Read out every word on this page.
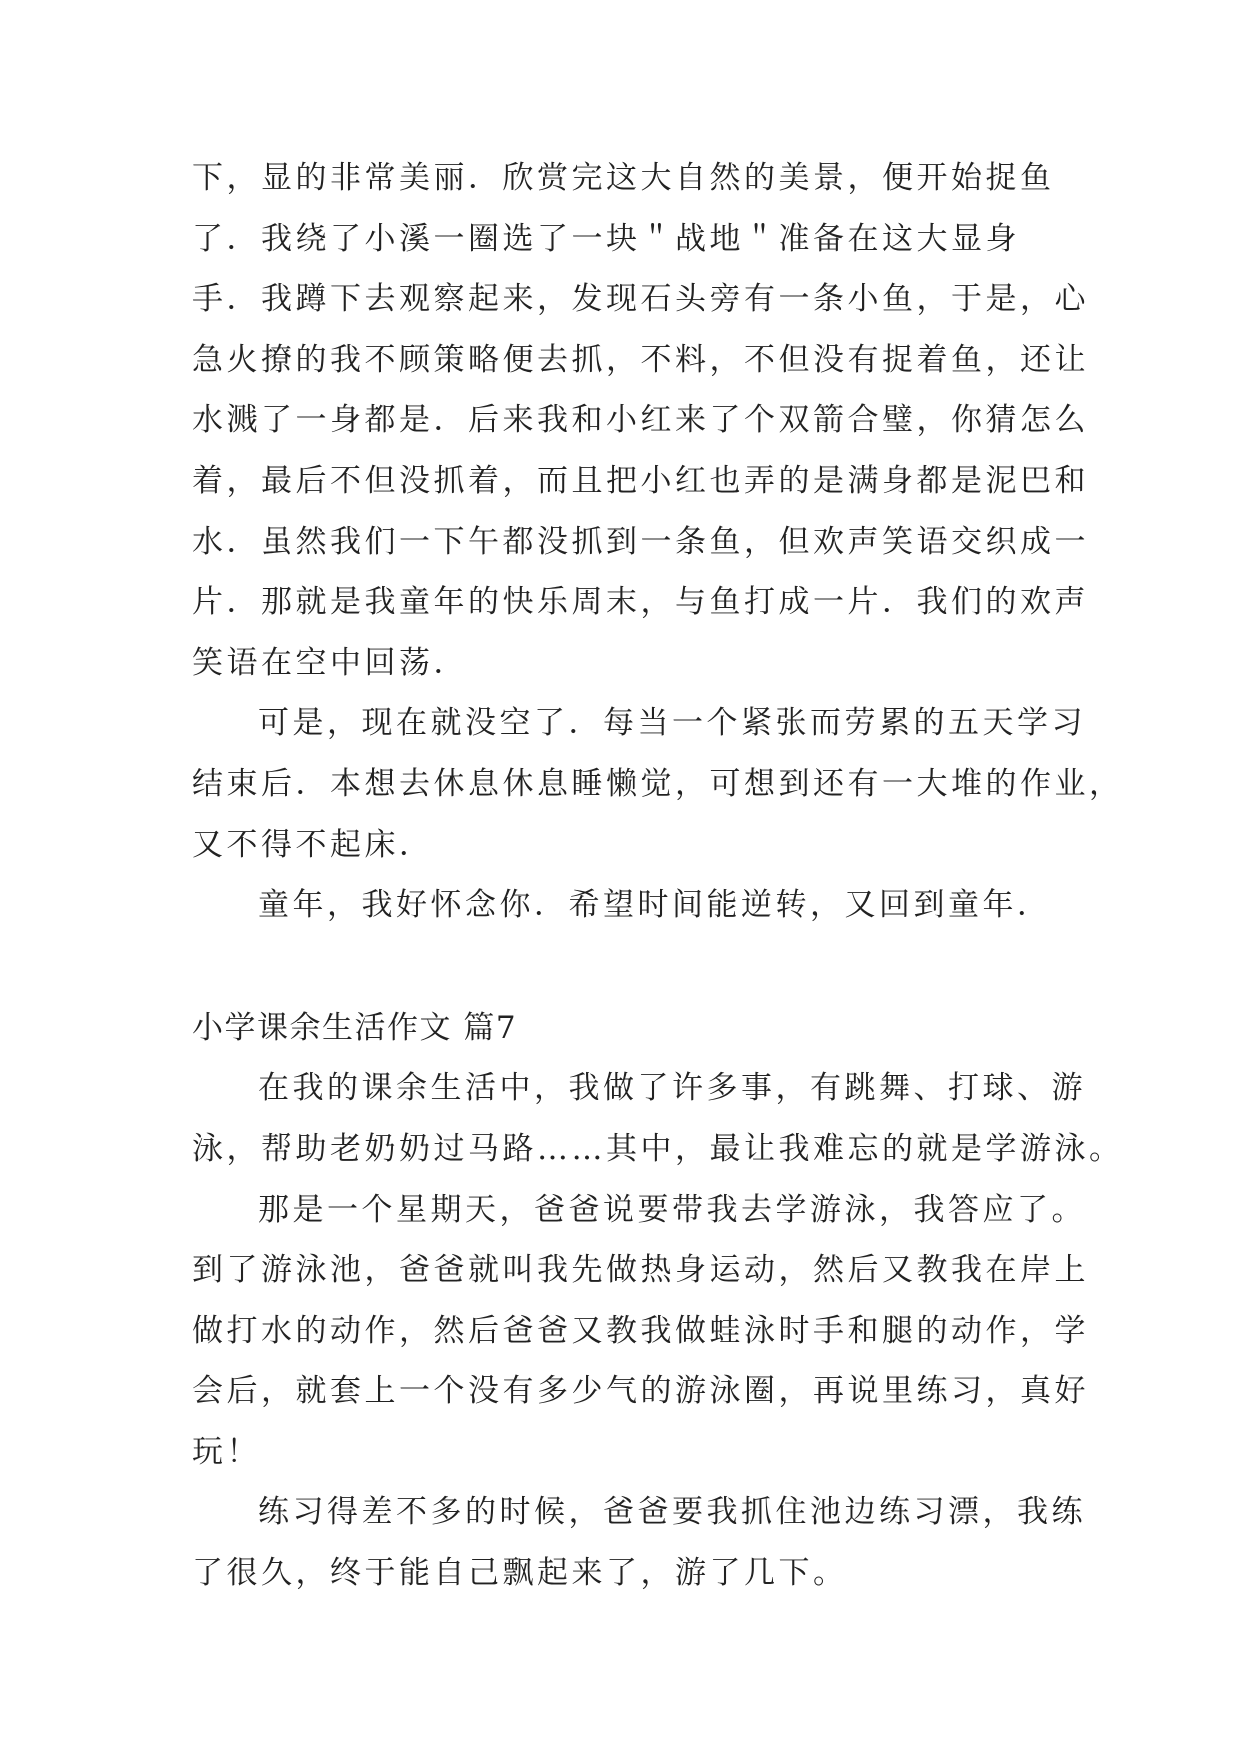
下，显的非常美丽．欣赏完这大自然的美景，便开始捉鱼
了．我绕了小溪一圈选了一块＂战地＂准备在这大显身
手．我蹲下去观察起来，发现石头旁有一条小鱼，于是，心
急火撩的我不顾策略便去抓，不料，不但没有捉着鱼，还让
水溅了一身都是．后来我和小红来了个双箭合璧，你猜怎么
着，最后不但没抓着，而且把小红也弄的是满身都是泥巴和
水．虽然我们一下午都没抓到一条鱼，但欢声笑语交织成一
片．那就是我童年的快乐周末，与鱼打成一片．我们的欢声
笑语在空中回荡．
可是，现在就没空了．每当一个紧张而劳累的五天学习
结束后．本想去休息休息睡懒觉，可想到还有一大堆的作业，
又不得不起床．
童年，我好怀念你．希望时间能逆转，又回到童年．
小学课余生活作文 篇7
在我的课余生活中，我做了许多事，有跳舞、打球、游
泳，帮助老奶奶过马路……其中，最让我难忘的就是学游泳。
那是一个星期天，爸爸说要带我去学游泳，我答应了。
到了游泳池，爸爸就叫我先做热身运动，然后又教我在岸上
做打水的动作，然后爸爸又教我做蛙泳时手和腿的动作，学
会后，就套上一个没有多少气的游泳圈，再说里练习，真好
玩！
练习得差不多的时候，爸爸要我抓住池边练习漂，我练
了很久，终于能自己飘起来了，游了几下。
